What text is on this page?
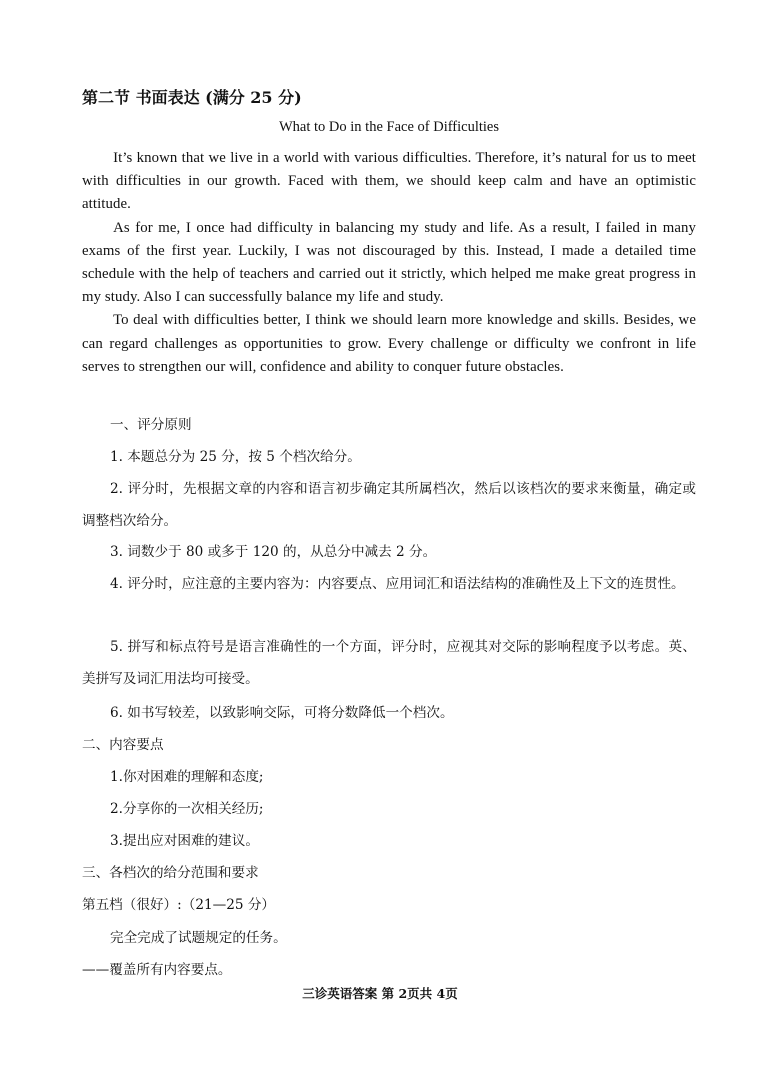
第二节 书面表达 (满分 25 分)
What to Do in the Face of Difficulties

It’s known that we live in a world with various difficulties. Therefore, it’s natural for us to meet with difficulties in our growth. Faced with them, we should keep calm and have an optimistic attitude.

As for me, I once had difficulty in balancing my study and life. As a result, I failed in many exams of the first year. Luckily, I was not discouraged by this. Instead, I made a detailed time schedule with the help of teachers and carried out it strictly, which helped me make great progress in my study. Also I can successfully balance my life and study.

To deal with difficulties better, I think we should learn more knowledge and skills. Besides, we can regard challenges as opportunities to grow. Every challenge or difficulty we confront in life serves to strengthen our will, confidence and ability to conquer future obstacles.

一、评分原则
1. 本题总分为 25 分，按 5 个档次给分。
2. 评分时，先根据文章的内容和语言初步确定其所属档次，然后以该档次的要求来衡量，确定或调整档次给分。
3. 词数少于 80 或多于 120 的，从总分中减去 2 分。
4. 评分时，应注意的主要内容为：内容要点、应用词汇和语法结构的准确性及上下文的连贯性。
5. 拼写和标点符号是语言准确性的一个方面，评分时，应视其对交际的影响程度予以考虑。英、美拼写及词汇用法均可接受。
6. 如书写较差，以致影响交际，可将分数降低一个档次。
二、内容要点
1.你对困难的理解和态度;
2.分享你的一次相关经历;
3.提出应对困难的建议。
三、各档次的给分范围和要求
第五档（很好）:（21—25 分）
完全完成了试题规定的任务。
——覆盖所有内容要点。
三诊英语答案 第 2页共 4页
